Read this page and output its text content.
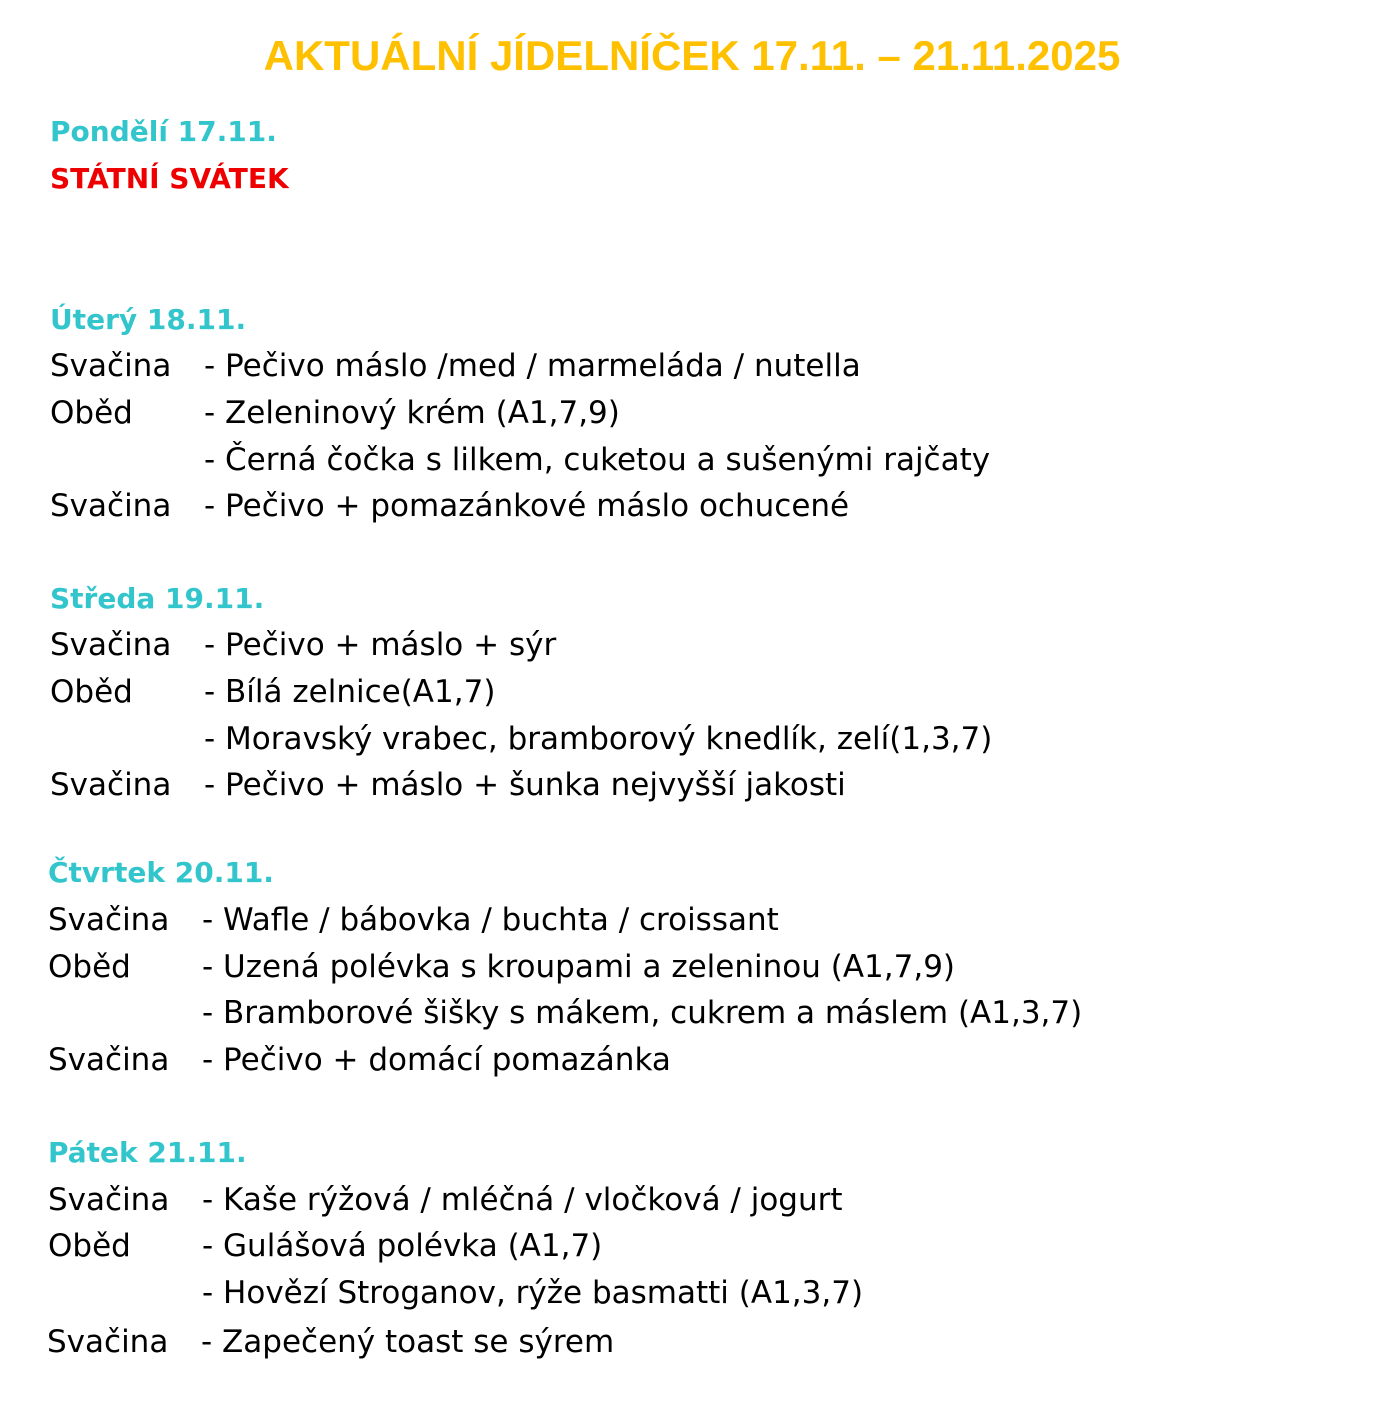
AKTUÁLNÍ JÍDELNÍČEK 17.11. – 21.11.2025
Pondělí 17.11.
STÁTNÍ SVÁTEK
Úterý 18.11.
Svačina - Pečivo máslo /med / marmeláda / nutella
Oběd - Zeleninový krém (A1,7,9)
- Černá čočka s lilkem, cuketou a sušenými rajčaty
Svačina - Pečivo + pomazánkové máslo ochucené
Středa 19.11.
Svačina - Pečivo + máslo + sýr
Oběd - Bílá zelnice(A1,7)
- Moravský vrabec, bramborový knedlík, zelí(1,3,7)
Svačina - Pečivo + máslo + šunka nejvyšší jakosti
Čtvrtek 20.11.
Svačina - Wafle / bábovka / buchta / croissant
Oběd - Uzená polévka s kroupami a zeleninou (A1,7,9)
- Bramborové šišky s mákem, cukrem a máslem (A1,3,7)
Svačina - Pečivo + domácí pomazánka
Pátek 21.11.
Svačina - Kaše rýžová / mléčná / vločková / jogurt
Oběd - Gulášová polévka (A1,7)
- Hovězí Stroganov, rýže basmatti (A1,3,7)
Svačina - Zapečený toast se sýrem
